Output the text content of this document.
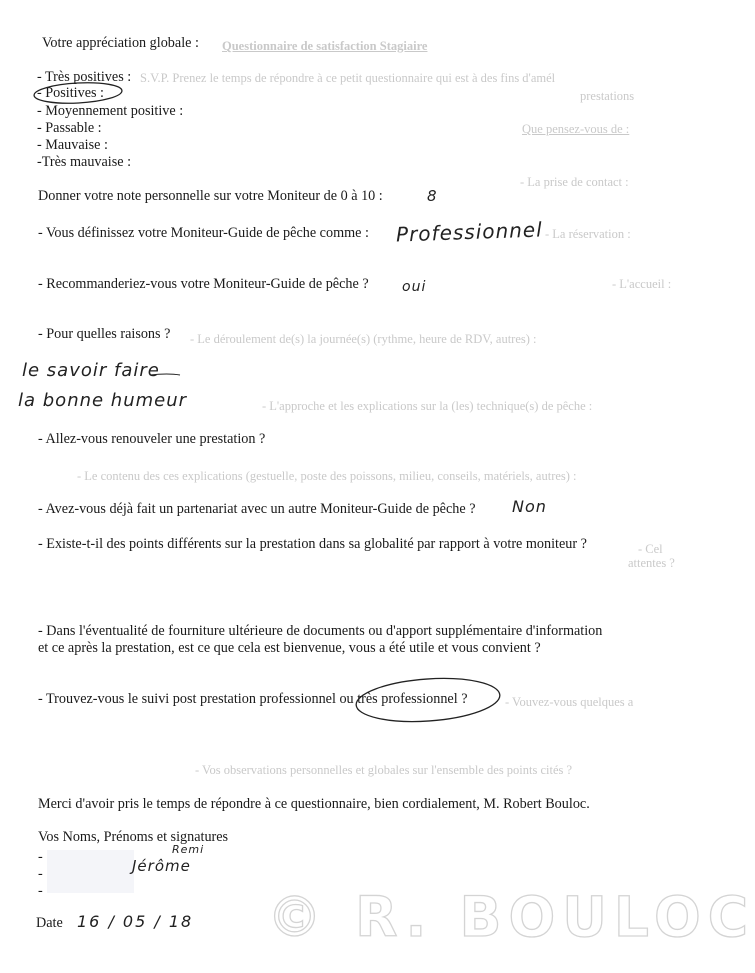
Questionnaire de satisfaction Stagiaire
S.V.P. Prenez le temps de répondre à ce petit questionnaire qui est à des fins d'amél
prestations
Que pensez-vous de :
- La prise de contact :
- La réservation :
- L'accueil :
- Le déroulement de(s) la journée(s) (rythme, heure de RDV, autres) :
- L'approche et les explications sur la (les) technique(s) de pêche :
- Le contenu des ces explications (gestuelle, poste des poissons, milieu, conseils, matériels, autres) :
- Cel
attentes ?
- Vouvez-vous quelques a
- Vos observations personnelles et globales sur l'ensemble des points cités ?
Votre appréciation globale :
- Très positives :
- Positives :
- Moyennement positive :
- Passable :
- Mauvaise :
-Très mauvaise :
Donner votre note personnelle sur votre Moniteur de 0 à 10 :
- Vous définissez votre Moniteur-Guide de pêche comme :
- Recommanderiez-vous votre Moniteur-Guide de pêche ?
- Pour quelles raisons ?
- Allez-vous renouveler une prestation ?
- Avez-vous déjà fait un partenariat avec un autre Moniteur-Guide de pêche ?
- Existe-t-il des points différents sur la prestation dans sa globalité par rapport à votre moniteur ?
- Dans l'éventualité de fourniture ultérieure de documents ou d'apport supplémentaire d'information
et ce après la prestation, est ce que cela est bienvenue, vous a été utile et vous convient ?
- Trouvez-vous le suivi post prestation professionnel ou très professionnel ?
Merci d'avoir pris le temps de répondre à ce questionnaire, bien cordialement, M. Robert Bouloc.
Vos Noms, Prénoms et signatures
-
-
-
Date
8
Professionnel
oui
le savoir faire
la bonne humeur
Non
Remi
Jérôme
16 / 05 / 18 © R. BOULOC
